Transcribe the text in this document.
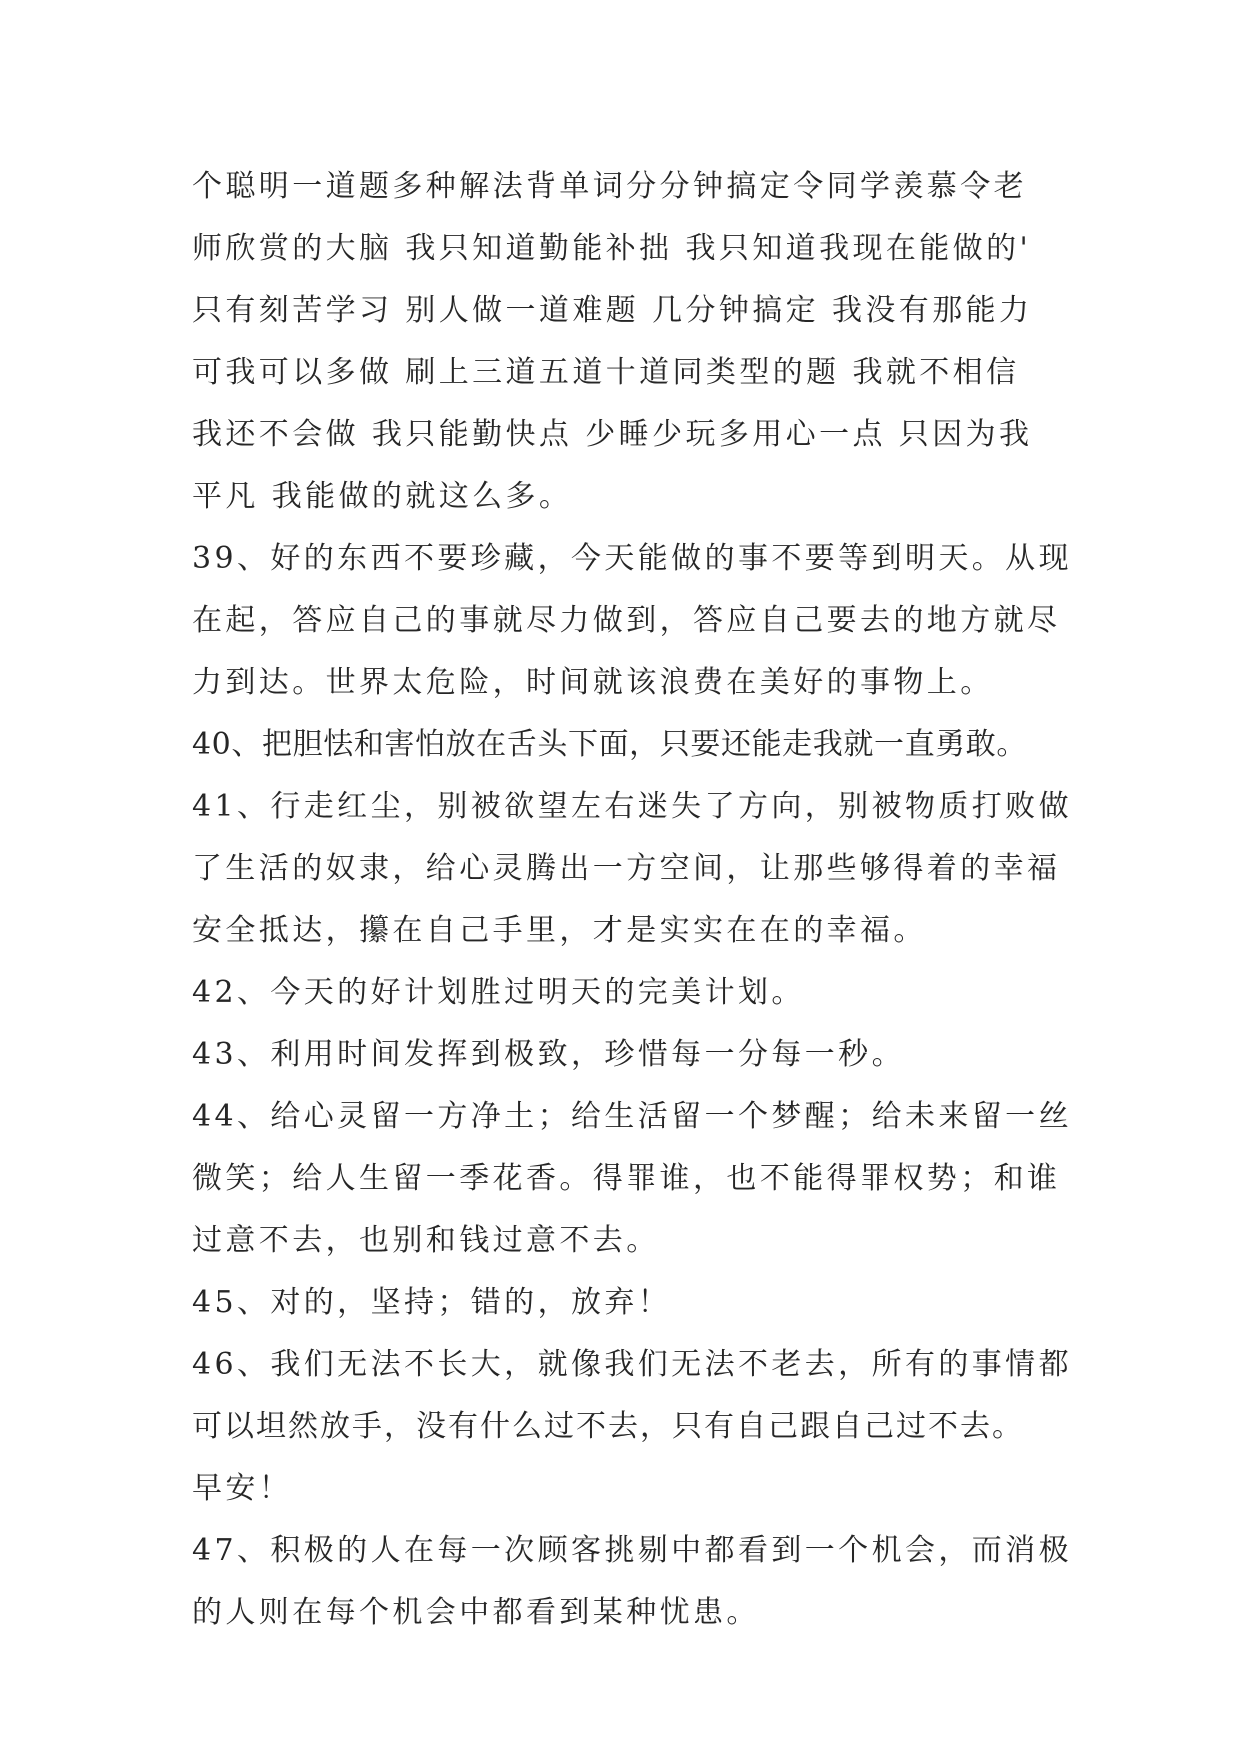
个聪明一道题多种解法背单词分分钟搞定令同学羡慕令老
师欣赏的大脑 我只知道勤能补拙 我只知道我现在能做的'
只有刻苦学习 别人做一道难题 几分钟搞定 我没有那能力
可我可以多做 刷上三道五道十道同类型的题 我就不相信
我还不会做 我只能勤快点 少睡少玩多用心一点 只因为我
平凡 我能做的就这么多。
39、好的东西不要珍藏，今天能做的事不要等到明天。从现
在起，答应自己的事就尽力做到，答应自己要去的地方就尽
力到达。世界太危险，时间就该浪费在美好的事物上。
40、把胆怯和害怕放在舌头下面，只要还能走我就一直勇敢。
41、行走红尘，别被欲望左右迷失了方向，别被物质打败做
了生活的奴隶，给心灵腾出一方空间，让那些够得着的幸福
安全抵达，攥在自己手里，才是实实在在的幸福。
42、今天的好计划胜过明天的完美计划。
43、利用时间发挥到极致，珍惜每一分每一秒。
44、给心灵留一方净土；给生活留一个梦醒；给未来留一丝
微笑；给人生留一季花香。得罪谁，也不能得罪权势；和谁
过意不去，也别和钱过意不去。
45、对的，坚持；错的，放弃！
46、我们无法不长大，就像我们无法不老去，所有的事情都
可以坦然放手，没有什么过不去，只有自己跟自己过不去。
早安！
47、积极的人在每一次顾客挑剔中都看到一个机会，而消极
的人则在每个机会中都看到某种忧患。
